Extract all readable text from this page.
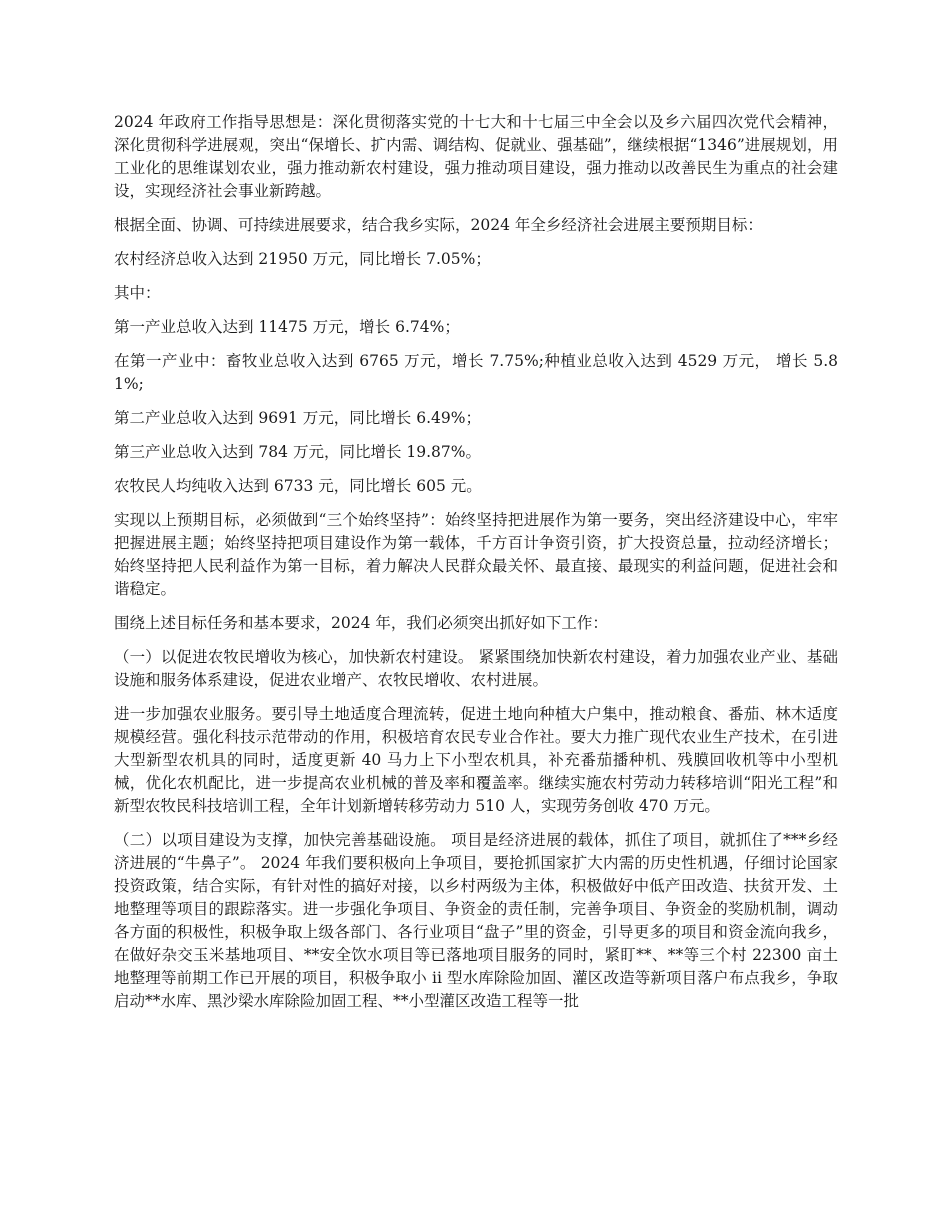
2024 年政府工作指导思想是：深化贯彻落实党的十七大和十七届三中全会以及乡六届四次党代会精神，深化贯彻科学进展观，突出“保增长、扩内需、调结构、促就业、强基础”，继续根据“1346”进展规划，用工业化的思维谋划农业，强力推动新农村建设，强力推动项目建设，强力推动以改善民生为重点的社会建设，实现经济社会事业新跨越。

根据全面、协调、可持续进展要求，结合我乡实际，2024 年全乡经济社会进展主要预期目标：

农村经济总收入达到 21950 万元，同比增长 7.05%；

其中：

第一产业总收入达到 11475 万元，增长 6.74%；

在第一产业中：畜牧业总收入达到 6765 万元，增长 7.75%;种植业总收入达到 4529 万元， 增长 5.81%;

第二产业总收入达到 9691 万元，同比增长 6.49%；

第三产业总收入达到 784 万元，同比增长 19.87%。

农牧民人均纯收入达到 6733 元，同比增长 605 元。

实现以上预期目标，必须做到“三个始终坚持”：始终坚持把进展作为第一要务，突出经济建设中心，牢牢把握进展主题；始终坚持把项目建设作为第一载体，千方百计争资引资，扩大投资总量，拉动经济增长；始终坚持把人民利益作为第一目标，着力解决人民群众最关怀、最直接、最现实的利益问题，促进社会和谐稳定。

围绕上述目标任务和基本要求，2024 年，我们必须突出抓好如下工作：

（一）以促进农牧民增收为核心，加快新农村建设。 紧紧围绕加快新农村建设，着力加强农业产业、基础设施和服务体系建设，促进农业增产、农牧民增收、农村进展。

进一步加强农业服务。要引导土地适度合理流转，促进土地向种植大户集中，推动粮食、番茄、林木适度规模经营。强化科技示范带动的作用，积极培育农民专业合作社。要大力推广现代农业生产技术，在引进大型新型农机具的同时，适度更新 40 马力上下小型农机具，补充番茄播种机、残膜回收机等中小型机械，优化农机配比，进一步提高农业机械的普及率和覆盖率。继续实施农村劳动力转移培训“阳光工程”和新型农牧民科技培训工程，全年计划新增转移劳动力 510 人，实现劳务创收 470 万元。

（二）以项目建设为支撑，加快完善基础设施。 项目是经济进展的载体，抓住了项目，就抓住了***乡经济进展的“牛鼻子”。 2024 年我们要积极向上争项目，要抢抓国家扩大内需的历史性机遇，仔细讨论国家投资政策，结合实际，有针对性的搞好对接，以乡村两级为主体，积极做好中低产田改造、扶贫开发、土地整理等项目的跟踪落实。进一步强化争项目、争资金的责任制，完善争项目、争资金的奖励机制，调动各方面的积极性，积极争取上级各部门、各行业项目“盘子”里的资金，引导更多的项目和资金流向我乡，在做好杂交玉米基地项目、**安全饮水项目等已落地项目服务的同时，紧盯**、**等三个村 22300 亩土地整理等前期工作已开展的项目，积极争取小 ii 型水库除险加固、灌区改造等新项目落户布点我乡，争取启动**水库、黑沙梁水库除险加固工程、**小型灌区改造工程等一批
